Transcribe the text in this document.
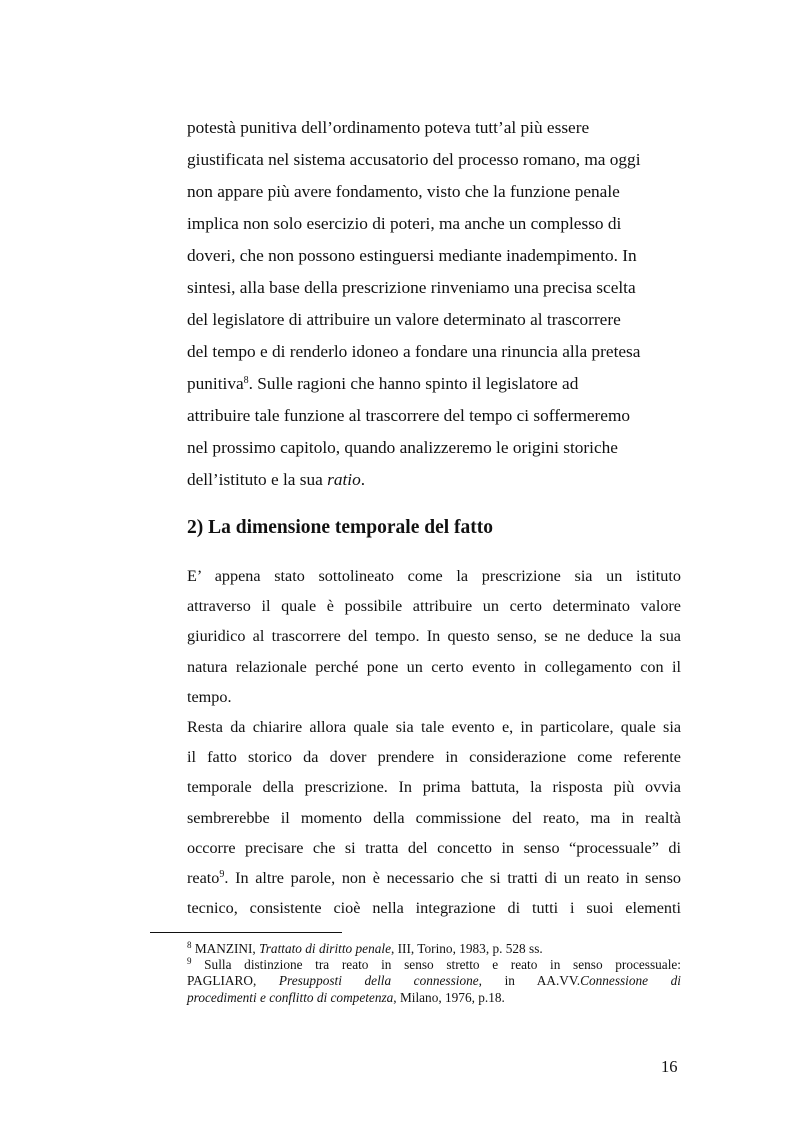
potestà punitiva dell’ordinamento poteva tutt’al più essere
giustificata nel sistema accusatorio del processo romano, ma oggi
non appare più avere fondamento, visto che la funzione penale
implica non solo esercizio di poteri, ma anche un complesso di
doveri, che non possono estinguersi mediante inadempimento. In
sintesi, alla base della prescrizione rinveniamo una precisa scelta
del legislatore di attribuire un valore determinato al trascorrere
del tempo e di renderlo idoneo a fondare una rinuncia alla pretesa
punitiva$^8$. Sulle ragioni che hanno spinto il legislatore ad
attribuire tale funzione al trascorrere del tempo ci soffermeremo
nel prossimo capitolo, quando analizzeremo le origini storiche
dell’istituto e la sua ratio.
2) La dimensione temporale del fatto
E’ appena stato sottolineato come la prescrizione sia un istituto
attraverso il quale è possibile attribuire un certo determinato valore
giuridico al trascorrere del tempo. In questo senso, se ne deduce la sua
natura relazionale perché pone un certo evento in collegamento con il
tempo.
Resta da chiarire allora quale sia tale evento e, in particolare, quale sia
il fatto storico da dover prendere in considerazione come referente
temporale della prescrizione. In prima battuta, la risposta più ovvia
sembrerebbe il momento della commissione del reato, ma in realtà
occorre precisare che si tratta del concetto in senso “processuale” di
reato$^9$. In altre parole, non è necessario che si tratti di un reato in senso
tecnico, consistente cioè nella integrazione di tutti i suoi elementi
$^8$ MANZINI, Trattato di diritto penale, III, Torino, 1983, p. 528 ss.
$^9$ Sulla distinzione tra reato in senso stretto e reato in senso processuale:
PAGLIARO, Presupposti della connessione, in AA.VV.Connessione di
procedimenti e conflitto di competenza, Milano, 1976, p.18.
16
